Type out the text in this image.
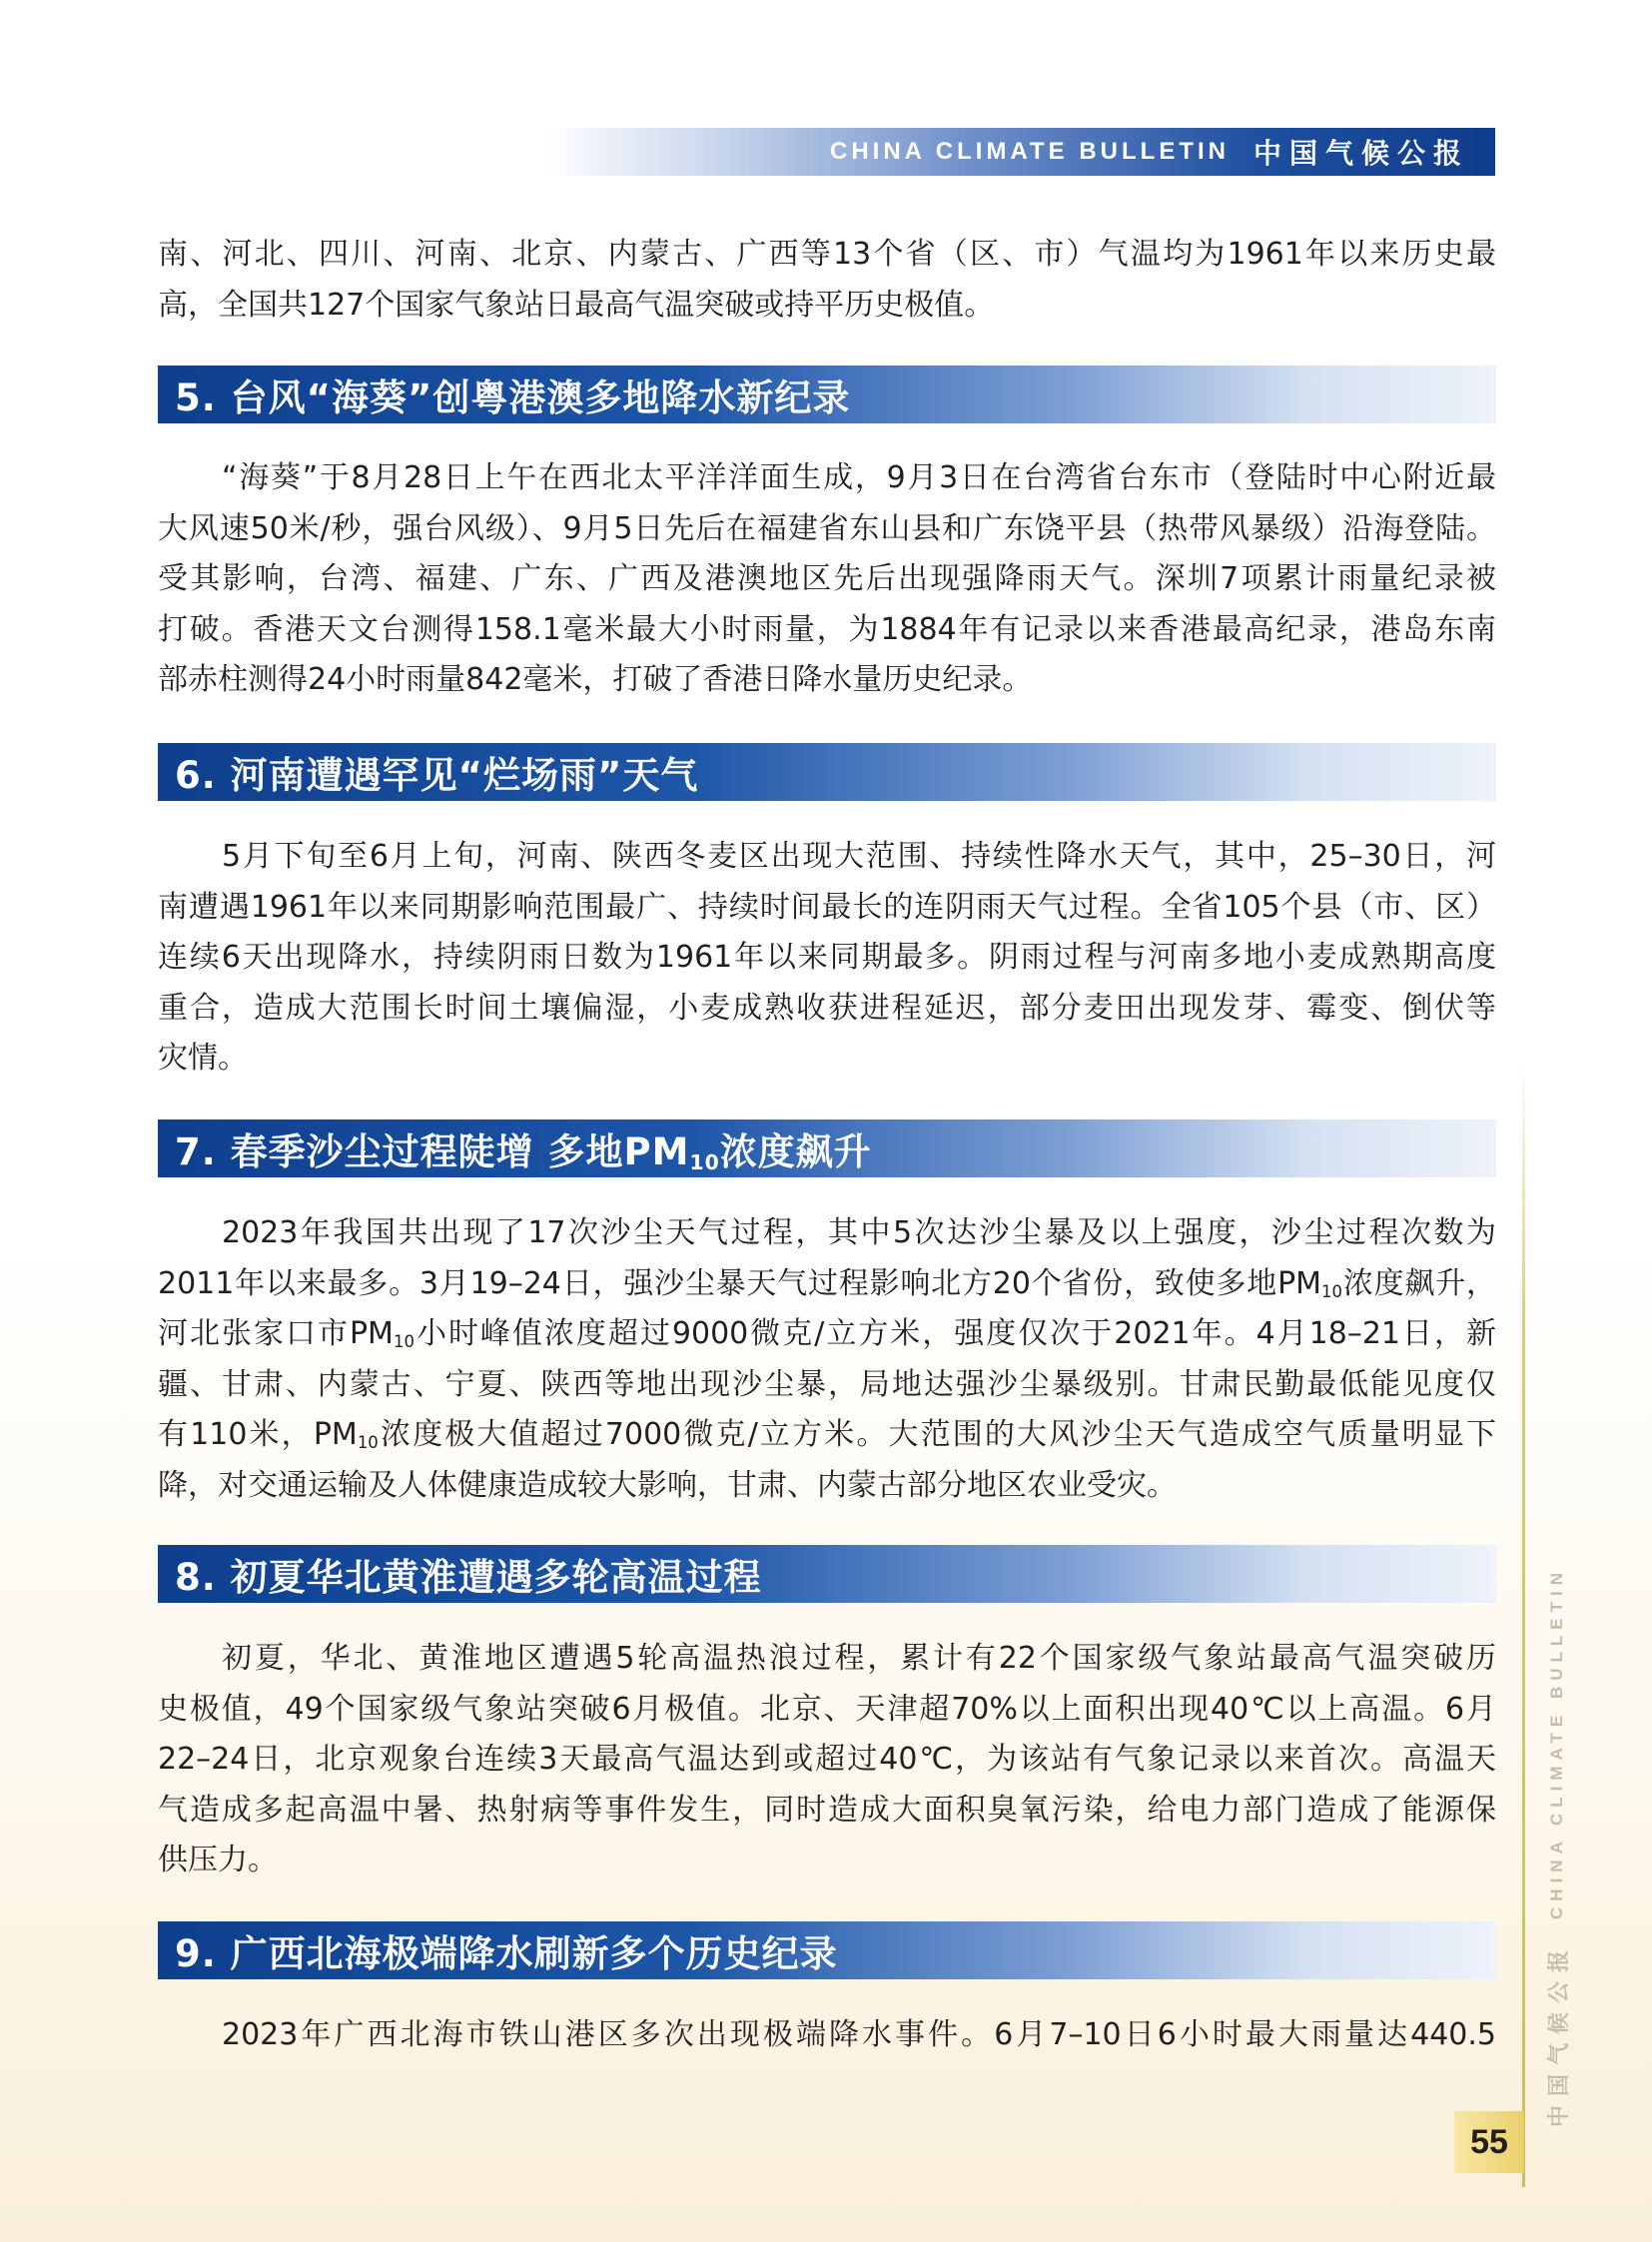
CHINA CLIMATE BULLETIN 中国气候公报
南、河北、四川、河南、北京、内蒙古、广西等13个省（区、市）气温均为1961年以来历史最
高，全国共127个国家气象站日最高气温突破或持平历史极值。
5. 台风“海葵”创粤港澳多地降水新纪录
“海葵”于8月28日上午在西北太平洋洋面生成，9月3日在台湾省台东市（登陆时中心附近最
大风速50米/秒，强台风级）、9月5日先后在福建省东山县和广东饶平县（热带风暴级）沿海登陆。
受其影响，台湾、福建、广东、广西及港澳地区先后出现强降雨天气。深圳7项累计雨量纪录被
打破。香港天文台测得158.1毫米最大小时雨量，为1884年有记录以来香港最高纪录，港岛东南
部赤柱测得24小时雨量842毫米，打破了香港日降水量历史纪录。
6. 河南遭遇罕见“烂场雨”天气
5月下旬至6月上旬，河南、陕西冬麦区出现大范围、持续性降水天气，其中，25–30日，河
南遭遇1961年以来同期影响范围最广、持续时间最长的连阴雨天气过程。全省105个县（市、区）
连续6天出现降水，持续阴雨日数为1961年以来同期最多。阴雨过程与河南多地小麦成熟期高度
重合，造成大范围长时间土壤偏湿，小麦成熟收获进程延迟，部分麦田出现发芽、霉变、倒伏等
灾情。
7. 春季沙尘过程陡增 多地$PM_{10}$浓度飙升
2023年我国共出现了17次沙尘天气过程，其中5次达沙尘暴及以上强度，沙尘过程次数为
2011年以来最多。3月19–24日，强沙尘暴天气过程影响北方20个省份，致使多地$PM_{10}$浓度飙升，
河北张家口市$PM_{10}$小时峰值浓度超过9000微克/立方米，强度仅次于2021年。4月18–21日，新
疆、甘肃、内蒙古、宁夏、陕西等地出现沙尘暴，局地达强沙尘暴级别。甘肃民勤最低能见度仅
有110米，$PM_{10}$浓度极大值超过7000微克/立方米。大范围的大风沙尘天气造成空气质量明显下
降，对交通运输及人体健康造成较大影响，甘肃、内蒙古部分地区农业受灾。
8. 初夏华北黄淮遭遇多轮高温过程
初夏，华北、黄淮地区遭遇5轮高温热浪过程，累计有22个国家级气象站最高气温突破历
史极值，49个国家级气象站突破6月极值。北京、天津超70%以上面积出现40℃以上高温。6月
22–24日，北京观象台连续3天最高气温达到或超过40℃，为该站有气象记录以来首次。高温天
气造成多起高温中暑、热射病等事件发生，同时造成大面积臭氧污染，给电力部门造成了能源保
供压力。
9. 广西北海极端降水刷新多个历史纪录
2023年广西北海市铁山港区多次出现极端降水事件。6月7–10日6小时最大雨量达440.5 中国气候公报
CHINA CLIMATE BULLETIN
55
